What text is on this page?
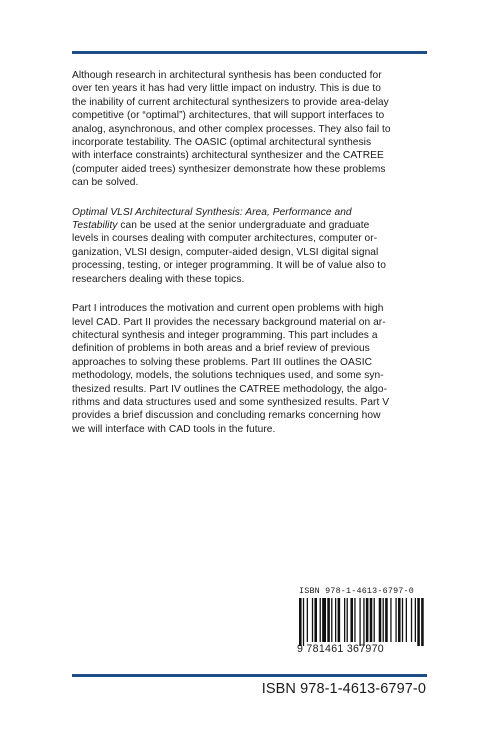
Although research in architectural synthesis has been conducted for
over ten years it has had very little impact on industry. This is due to
the inability of current architectural synthesizers to provide area-delay
competitive (or “optimal”) architectures, that will support interfaces to
analog, asynchronous, and other complex processes. They also fail to
incorporate testability. The OASIC (optimal architectural synthesis
with interface constraints) architectural synthesizer and the CATREE
(computer aided trees) synthesizer demonstrate how these problems
can be solved.

Optimal VLSI Architectural Synthesis: Area, Performance and
Testability can be used at the senior undergraduate and graduate
levels in courses dealing with computer architectures, computer or-
ganization, VLSI design, computer-aided design, VLSI digital signal
processing, testing, or integer programming. It will be of value also to
researchers dealing with these topics.

Part I introduces the motivation and current open problems with high
level CAD. Part II provides the necessary background material on ar-
chitectural synthesis and integer programming. This part includes a
definition of problems in both areas and a brief review of previous
approaches to solving these problems. Part III outlines the OASIC
methodology, models, the solutions techniques used, and some syn-
thesized results. Part IV outlines the CATREE methodology, the algo-
rithms and data structures used and some synthesized results. Part V
provides a brief discussion and concluding remarks concerning how
we will interface with CAD tools in the future.

ISBN 978-1-4613-6797-0
9 781461 367970
ISBN 978-1-4613-6797-0
